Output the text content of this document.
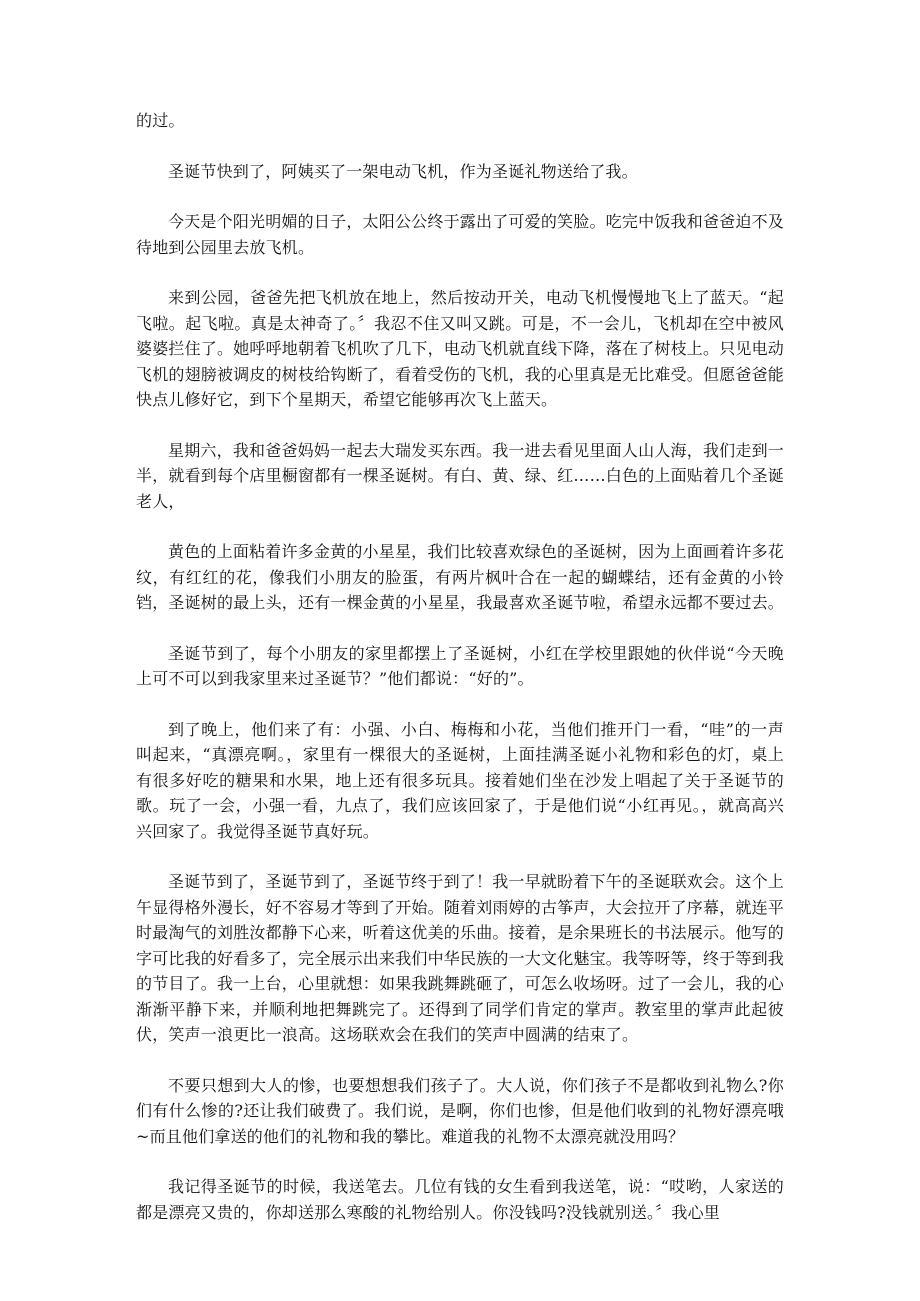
的过。

圣诞节快到了，阿姨买了一架电动飞机，作为圣诞礼物送给了我。

今天是个阳光明媚的日子，太阳公公终于露出了可爱的笑脸。吃完中饭我和爸爸迫不及待地到公园里去放飞机。

来到公园，爸爸先把飞机放在地上，然后按动开关，电动飞机慢慢地飞上了蓝天。“起飞啦。起飞啦。真是太神奇了。〞我忍不住又叫又跳。可是，不一会儿，飞机却在空中被风婆婆拦住了。她呼呼地朝着飞机吹了几下，电动飞机就直线下降，落在了树枝上。只见电动飞机的翅膀被调皮的树枝给钩断了，看着受伤的飞机，我的心里真是无比难受。但愿爸爸能快点儿修好它，到下个星期天，希望它能够再次飞上蓝天。

星期六，我和爸爸妈妈一起去大瑞发买东西。我一进去看见里面人山人海，我们走到一半，就看到每个店里橱窗都有一棵圣诞树。有白、黄、绿、红……白色的上面贴着几个圣诞老人，

黄色的上面粘着许多金黄的小星星，我们比较喜欢绿色的圣诞树，因为上面画着许多花纹，有红红的花，像我们小朋友的脸蛋，有两片枫叶合在一起的蝴蝶结，还有金黄的小铃铛，圣诞树的最上头，还有一棵金黄的小星星，我最喜欢圣诞节啦，希望永远都不要过去。

圣诞节到了，每个小朋友的家里都摆上了圣诞树，小红在学校里跟她的伙伴说“今天晚上可不可以到我家里来过圣诞节？”他们都说：“好的”。

到了晚上，他们来了有：小强、小白、梅梅和小花，当他们推开门一看，“哇”的一声叫起来，“真漂亮啊。，家里有一棵很大的圣诞树，上面挂满圣诞小礼物和彩色的灯，桌上有很多好吃的糖果和水果，地上还有很多玩具。接着她们坐在沙发上唱起了关于圣诞节的歌。玩了一会，小强一看，九点了，我们应该回家了，于是他们说“小红再见。，就高高兴兴回家了。我觉得圣诞节真好玩。

圣诞节到了，圣诞节到了，圣诞节终于到了！我一早就盼着下午的圣诞联欢会。这个上午显得格外漫长，好不容易才等到了开始。随着刘雨婷的古筝声，大会拉开了序幕，就连平时最淘气的刘胜汝都静下心来，听着这优美的乐曲。接着，是余果班长的书法展示。他写的字可比我的好看多了，完全展示出来我们中华民族的一大文化魅宝。我等呀等，终于等到我的节目了。我一上台，心里就想：如果我跳舞跳砸了，可怎么收场呀。过了一会儿，我的心渐渐平静下来，并顺利地把舞跳完了。还得到了同学们肯定的掌声。教室里的掌声此起彼伏，笑声一浪更比一浪高。这场联欢会在我们的笑声中圆满的结束了。

不要只想到大人的惨，也要想想我们孩子了。大人说，你们孩子不是都收到礼物么?你们有什么惨的?还让我们破费了。我们说，是啊，你们也惨，但是他们收到的礼物好漂亮哦~而且他们拿送的他们的礼物和我的攀比。难道我的礼物不太漂亮就没用吗？

我记得圣诞节的时候，我送笔去。几位有钱的女生看到我送笔，说：“哎哟，人家送的都是漂亮又贵的，你却送那么寒酸的礼物给别人。你没钱吗?没钱就别送。〞我心里
